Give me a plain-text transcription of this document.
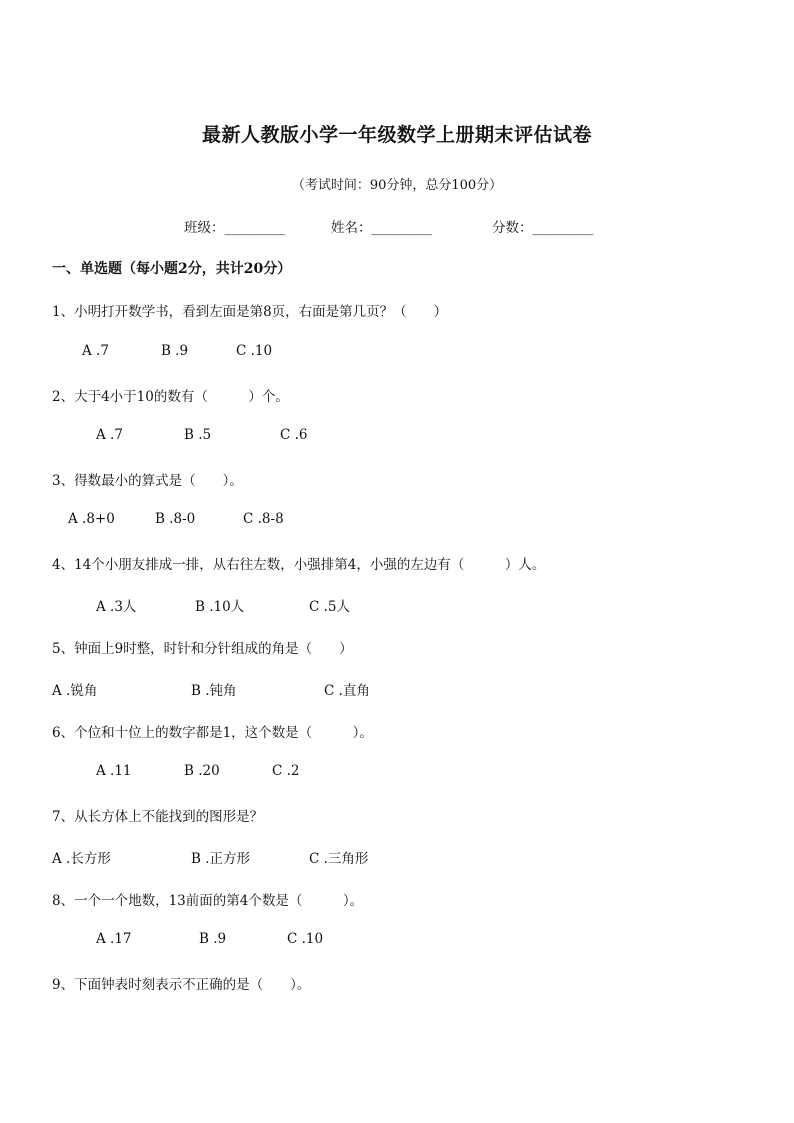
最新人教版小学一年级数学上册期末评估试卷
（考试时间：90分钟，总分100分）
班级：_________	姓名：_________	分数：_________
一、单选题（每小题2分，共计20分）
1、小明打开数学书，看到左面是第8页，右面是第几页？（　　）
A .7	B .9	C .10
2、大于4小于10的数有（　　　）个。
A .7	B .5	C .6
3、得数最小的算式是（　　）。
A .8+0	B .8-0	C .8-8
4、14个小朋友排成一排，从右往左数，小强排第4，小强的左边有（　　　）人。
A .3人	B .10人	C .5人
5、钟面上9时整，时针和分针组成的角是（　　）
A .锐角	B .钝角	C .直角
6、个位和十位上的数字都是1，这个数是（　　　）。
A .11	B .20	C .2
7、从长方体上不能找到的图形是？
A .长方形	B .正方形	C .三角形
8、一个一个地数，13前面的第4个数是（　　　）。
A .17	B .9	C .10
9、下面钟表时刻表示不正确的是（　　）。
